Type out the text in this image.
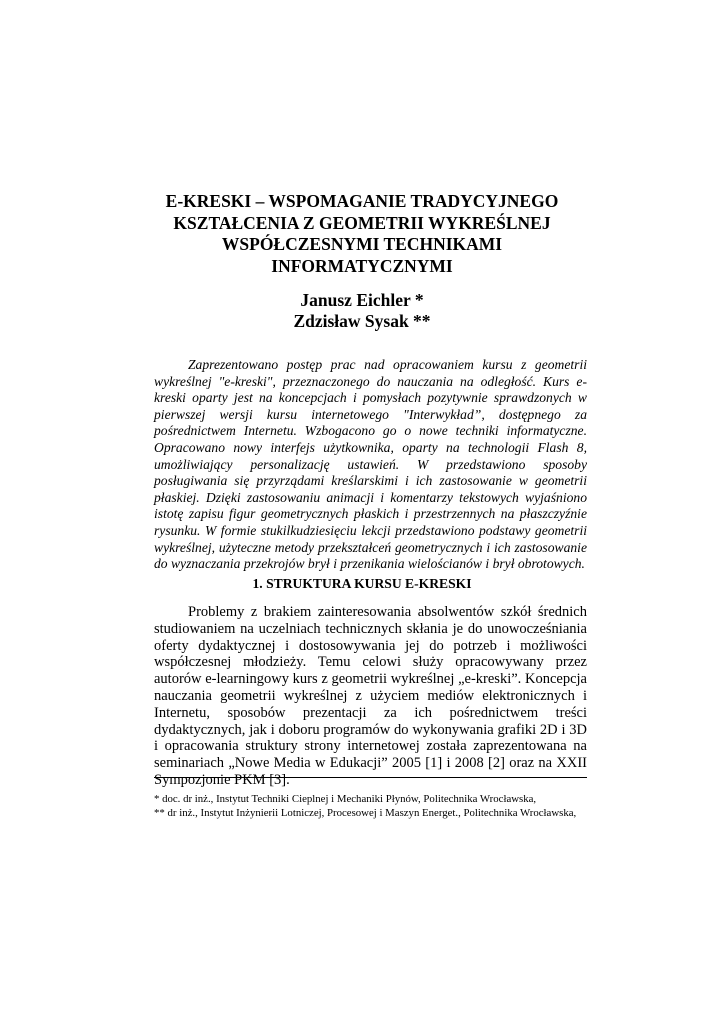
E-KRESKI – WSPOMAGANIE TRADYCYJNEGO
KSZTAŁCENIA Z GEOMETRII WYKREŚLNEJ
WSPÓŁCZESNYMI TECHNIKAMI
INFORMATYCZNYMI
Janusz Eichler *
Zdzisław Sysak **

Zaprezentowano postęp prac nad opracowaniem kursu z geometrii wykreślnej "e-kreski", przeznaczonego do nauczania na odległość. Kurs e-kreski oparty jest na koncepcjach i pomysłach pozytywnie sprawdzonych w pierwszej wersji kursu internetowego "Interwykład”, dostępnego za pośrednictwem Internetu. Wzbogacono go o nowe techniki informatyczne. Opracowano nowy interfejs użytkownika, oparty na technologii Flash 8, umożliwiający personalizację ustawień. W przedstawiono sposoby posługiwania się przyrządami kreślarskimi i ich zastosowanie w geometrii płaskiej. Dzięki zastosowaniu animacji i komentarzy tekstowych wyjaśniono istotę zapisu figur geometrycznych płaskich i przestrzennych na płaszczyźnie rysunku. W formie stukilkudziesięciu lekcji przedstawiono podstawy geometrii wykreślnej, użyteczne metody przekształceń geometrycznych i ich zastosowanie do wyznaczania przekrojów brył i przenikania wielościanów i brył obrotowych.

1. STRUKTURA KURSU E-KRESKI

Problemy z brakiem zainteresowania absolwentów szkół średnich studiowaniem na uczelniach technicznych skłania je do unowocześniania oferty dydaktycznej i dostosowywania jej do potrzeb i możliwości współczesnej młodzieży. Temu celowi służy opracowywany przez autorów e-learningowy kurs z geometrii wykreślnej „e-kreski”. Koncepcja nauczania geometrii wykreślnej z użyciem mediów elektronicznych i Internetu, sposobów prezentacji za ich pośrednictwem treści dydaktycznych, jak i doboru programów do wykonywania grafiki 2D i 3D i opracowania struktury strony internetowej została zaprezentowana na seminariach „Nowe Media w Edukacji” 2005 [1] i 2008 [2] oraz na XXII Sympozjonie PKM [3].

* doc. dr inż., Instytut Techniki Cieplnej i Mechaniki Płynów, Politechnika Wrocławska,
** dr inż., Instytut Inżynierii Lotniczej, Procesowej i Maszyn Energet., Politechnika Wrocławska,
